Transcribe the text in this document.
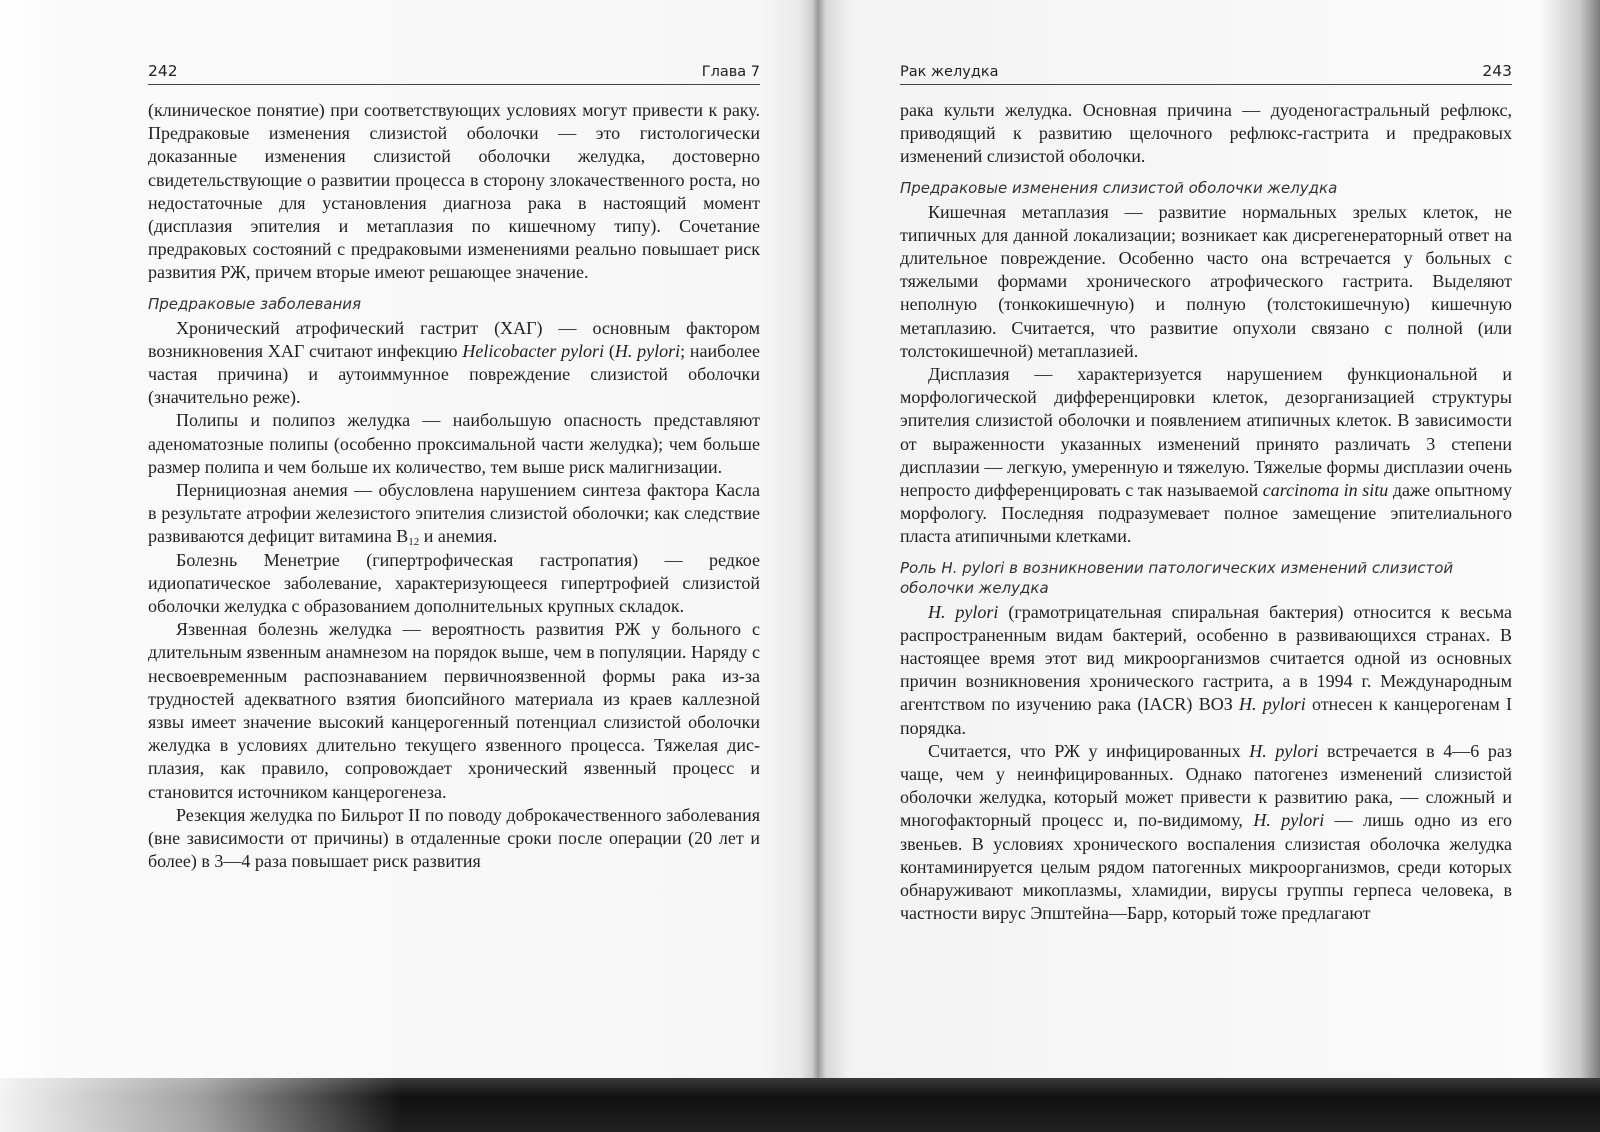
242	Глава 7

(клиническое понятие) при соответствующих условиях могут привести к раку. Предраковые изменения слизистой оболочки — это гистологически доказанные изменения слизистой оболочки желудка, достоверно свидетельствующие о развитии процесса в сторону злокачественного роста, но недостаточные для установления диагноза рака в настоящий момент (дисплазия эпителия и метаплазия по кишечному типу). Сочетание предраковых состояний с предраковыми изменениями реально повышает риск развития РЖ, причем вторые имеют решающее значение.

Предраковые заболевания

Хронический атрофический гастрит (ХАГ) — основным фактором возникновения ХАГ считают инфекцию Helicobacter pylori (H. pylori; наиболее частая причина) и аутоиммунное повреждение слизистой оболочки (значительно реже).

Полипы и полипоз желудка — наибольшую опасность представляют аденоматозные полипы (особенно проксимальной части желудка); чем больше размер полипа и чем больше их количество, тем выше риск малигнизации.

Пернициозная анемия — обусловлена нарушением синтеза фактора Касла в результате атрофии железистого эпителия слизистой оболочки; как следствие развиваются дефицит витамина $B_{12}$ и анемия.

Болезнь Менетрие (гипертрофическая гастропатия) — редкое идиопатическое заболевание, характеризующееся гипертрофией слизистой оболочки желудка с образованием дополнительных крупных складок.

Язвенная болезнь желудка — вероятность развития РЖ у больного с длительным язвенным анамнезом на порядок выше, чем в популяции. Наряду с несвоевременным распознаванием первичноязвенной формы рака из-за трудностей адекватного взятия биопсийного материала из краев каллезной язвы имеет значение высокий канцерогенный потенциал слизистой оболочки желудка в условиях длительно текущего язвенного процесса. Тяжелая дисплазия, как правило, сопровождает хронический язвенный процесс и становится источником канцерогенеза.

Резекция желудка по Бильрот II по поводу доброкачественного заболевания (вне зависимости от причины) в отдаленные сроки после операции (20 лет и более) в 3—4 раза повышает риск развития

Рак желудка	243

рака культи желудка. Основная причина — дуоденогастральный рефлюкс, приводящий к развитию щелочного рефлюкс-гастрита и предраковых изменений слизистой оболочки.

Предраковые изменения слизистой оболочки желудка

Кишечная метаплазия — развитие нормальных зрелых клеток, не типичных для данной локализации; возникает как дисрегенераторный ответ на длительное повреждение. Особенно часто она встречается у больных с тяжелыми формами хронического атрофического гастрита. Выделяют неполную (тонкокишечную) и полную (толстокишечную) кишечную метаплазию. Считается, что развитие опухоли связано с полной (или толстокишечной) метаплазией.

Дисплазия — характеризуется нарушением функциональной и морфологической дифференцировки клеток, дезорганизацией структуры эпителия слизистой оболочки и появлением атипичных клеток. В зависимости от выраженности указанных изменений принято различать 3 степени дисплазии — легкую, умеренную и тяжелую. Тяжелые формы дисплазии очень непросто дифференцировать с так называемой carcinoma in situ даже опытному морфологу. Последняя подразумевает полное замещение эпителиального пласта атипичными клетками.

Роль H. pylori в возникновении патологических изменений слизистой оболочки желудка

H. pylori (грамотрицательная спиральная бактерия) относится к весьма распространенным видам бактерий, особенно в развивающихся странах. В настоящее время этот вид микроорганизмов считается одной из основных причин возникновения хронического гастрита, а в 1994 г. Международным агентством по изучению рака (IACR) ВОЗ H. pylori отнесен к канцерогенам I порядка.

Считается, что РЖ у инфицированных H. pylori встречается в 4—6 раз чаще, чем у неинфицированных. Однако патогенез изменений слизистой оболочки желудка, который может привести к развитию рака, — сложный и многофакторный процесс и, по-видимому, H. pylori — лишь одно из его звеньев. В условиях хронического воспаления слизистая оболочка желудка контаминируется целым рядом патогенных микроорганизмов, среди которых обнаруживают микоплазмы, хламидии, вирусы группы герпеса человека, в частности вирус Эпштейна—Барр, который тоже предлагают
